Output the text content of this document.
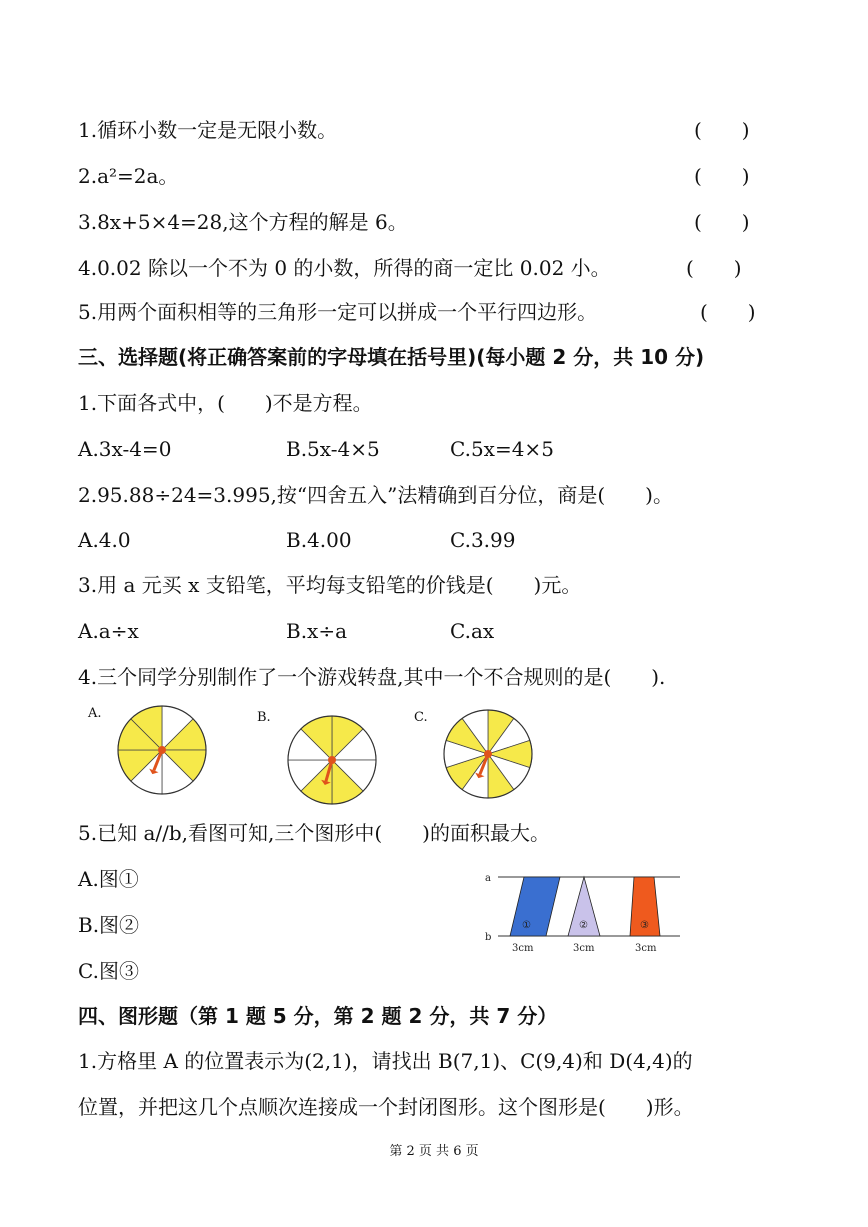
1.循环小数一定是无限小数。	(　　)
2.a²=2a。	(　　)
3.8x+5×4=28,这个方程的解是 6。	(　　)
4.0.02 除以一个不为 0 的小数，所得的商一定比 0.02 小。	(　　)
5.用两个面积相等的三角形一定可以拼成一个平行四边形。	(　　)
三、选择题(将正确答案前的字母填在括号里)(每小题 2 分，共 10 分)
1.下面各式中，(　　)不是方程。
A.3x-4=0	B.5x-4×5	C.5x=4×5
2.95.88÷24=3.995,按“四舍五入”法精确到百分位，商是(　　)。
A.4.0	B.4.00	C.3.99
3.用 a 元买 x 支铅笔，平均每支铅笔的价钱是(　　)元。
A.a÷x	B.x÷a	C.ax
4.三个同学分别制作了一个游戏转盘,其中一个不合规则的是(　　).
A.	B.	C.
5.已知 a//b,看图可知,三个图形中(　　)的面积最大。
A.图①
B.图②
C.图③
a
b
①	②	③
3cm	3cm	3cm
四、图形题（第 1 题 5 分，第 2 题 2 分，共 7 分）
1.方格里 A 的位置表示为(2,1)，请找出 B(7,1)、C(9,4)和 D(4,4)的
位置，并把这几个点顺次连接成一个封闭图形。这个图形是(　　)形。
第 2 页 共 6 页
